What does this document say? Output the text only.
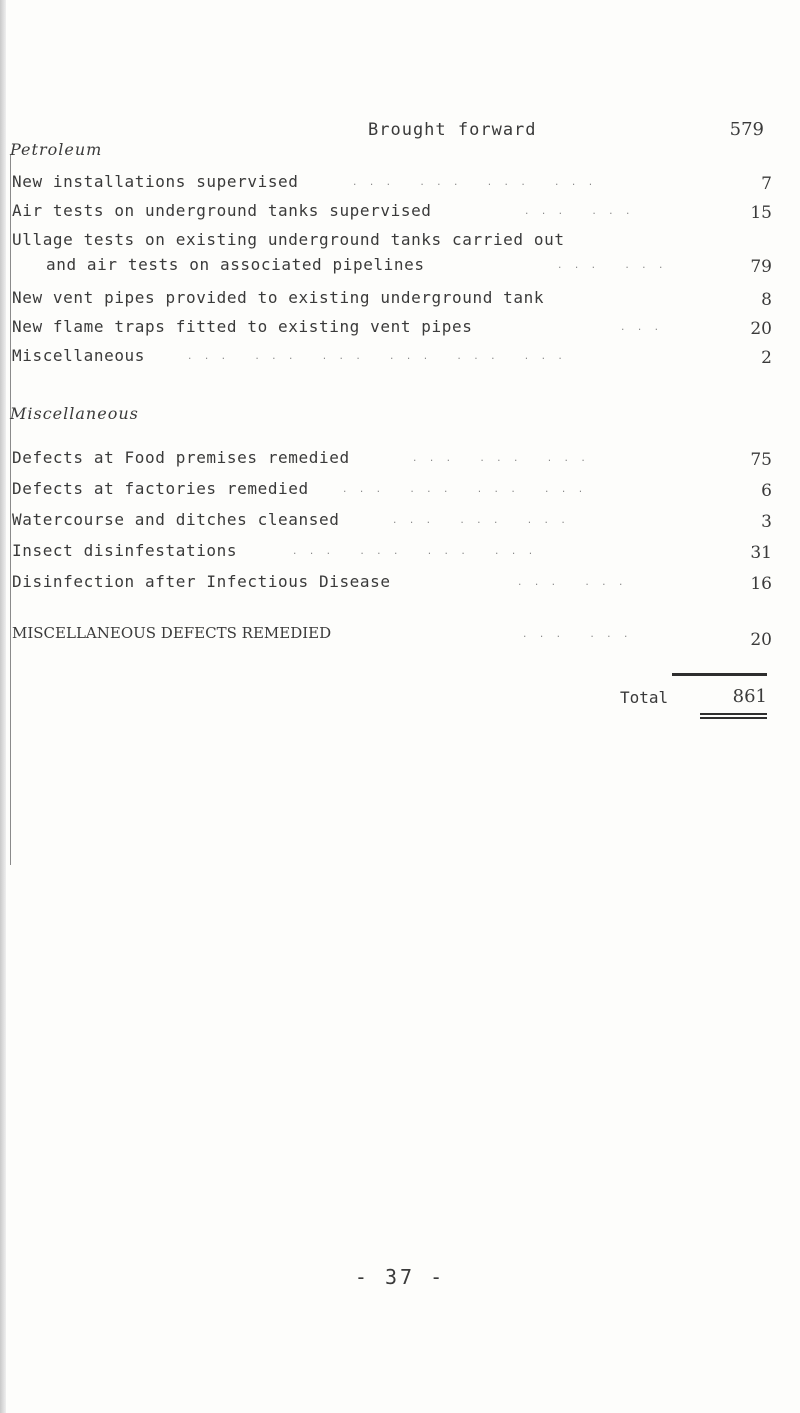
Brought forward	579
Petroleum
New installations supervised	. . .   . . .   . . .   . . .	7
Air tests on underground tanks supervised	. . .   . . .	15
Ullage tests on existing underground tanks carried out
and air tests on associated pipelines	. . .   . . .	79
New vent pipes provided to existing underground tank	8
New flame traps fitted to existing vent pipes	. . .	20
Miscellaneous	. . .   . . .   . . .   . . .   . . .   . . .	2
Miscellaneous
Defects at Food premises remedied	. . .   . . .   . . .	75
Defects at factories remedied	. . .   . . .   . . .   . . .	6
Watercourse and ditches cleansed	. . .   . . .   . . .	3
Insect disinfestations	. . .   . . .   . . .   . . .	31
Disinfection after Infectious Disease	. . .   . . .	16
MISCELLANEOUS DEFECTS REMEDIED	. . .   . . .	20
Total	861
- 37 -
